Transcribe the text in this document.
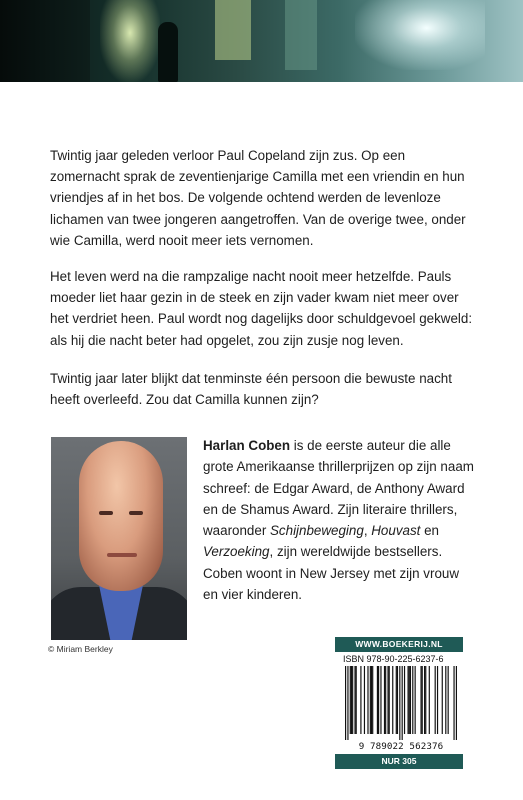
Twintig jaar geleden verloor Paul Copeland zijn zus. Op een zomernacht sprak de zeventienjarige Camilla met een vriendin en hun vriendjes af in het bos. De volgende ochtend werden de levenloze lichamen van twee jongeren aangetroffen. Van de overige twee, onder wie Camilla, werd nooit meer iets vernomen.

Het leven werd na die rampzalige nacht nooit meer hetzelfde. Pauls moeder liet haar gezin in de steek en zijn vader kwam niet meer over het verdriet heen. Paul wordt nog dagelijks door schuldgevoel gekweld: als hij die nacht beter had opgelet, zou zijn zusje nog leven.

Twintig jaar later blijkt dat tenminste één persoon die bewuste nacht heeft overleefd. Zou dat Camilla kunnen zijn?

Harlan Coben is de eerste auteur die alle grote Amerikaanse thrillerprijzen op zijn naam schreef: de Edgar Award, de Anthony Award en de Shamus Award. Zijn literaire thrillers, waaronder Schijnbeweging, Houvast en Verzoeking, zijn wereldwijde bestsellers. Coben woont in New Jersey met zijn vrouw en vier kinderen.

© Miriam Berkley	WWW.BOEKERIJ.NL

ISBN 978-90-225-6237-6

9 789022 562376

NUR 305
